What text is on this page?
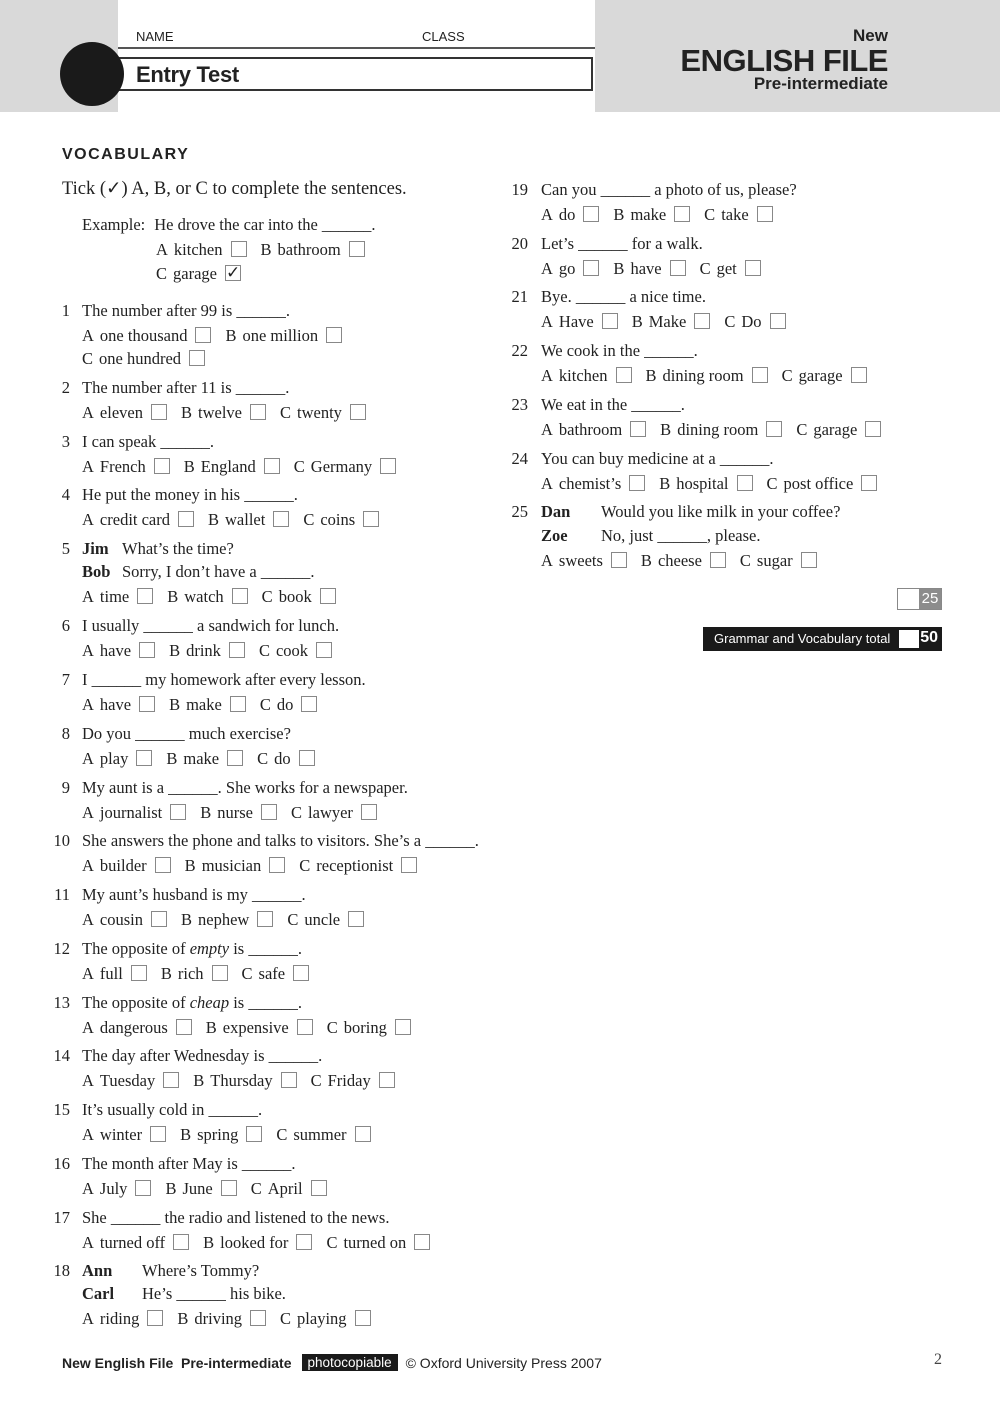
NAME	CLASS
Entry Test
New
ENGLISH FILE
Pre-intermediate
VOCABULARY
Tick (✓) A, B, or C to complete the sentences.
Example: He drove the car into the ______.
A kitchen B bathroom
C garage ✓
1 The number after 99 is ______.
A one thousand B one million
C one hundred
2 The number after 11 is ______.
A eleven B twelve C twenty
3 I can speak ______.
A French B England C Germany
4 He put the money in his ______.
A credit card B wallet C coins
5 Jim What’s the time?
Bob Sorry, I don’t have a ______.
A time B watch C book
6 I usually ______ a sandwich for lunch.
A have B drink C cook
7 I ______ my homework after every lesson.
A have B make C do
8 Do you ______ much exercise?
A play B make C do
9 My aunt is a ______. She works for a newspaper.
A journalist B nurse C lawyer
10 She answers the phone and talks to visitors. She’s a ______.
A builder B musician C receptionist
11 My aunt’s husband is my ______.
A cousin B nephew C uncle
12 The opposite of empty is ______.
A full B rich C safe
13 The opposite of cheap is ______.
A dangerous B expensive C boring
14 The day after Wednesday is ______.
A Tuesday B Thursday C Friday
15 It’s usually cold in ______.
A winter B spring C summer
16 The month after May is ______.
A July B June C April
17 She ______ the radio and listened to the news.
A turned off B looked for C turned on
18 Ann	Where’s Tommy?
Carl	He’s ______ his bike.
A riding B driving C playing
19 Can you ______ a photo of us, please?
A do B make C take
20 Let’s ______ for a walk.
A go B have C get
21 Bye. ______ a nice time.
A Have B Make C Do
22 We cook in the ______.
A kitchen B dining room C garage
23 We eat in the ______.
A bathroom B dining room C garage
24 You can buy medicine at a ______.
A chemist’s B hospital C post office
25 Dan	Would you like milk in your coffee?
Zoe	No, just ______, please.
A sweets B cheese C sugar
25
Grammar and Vocabulary total 50
New English File  Pre-intermediate	photocopiable	© Oxford University Press 2007	2
